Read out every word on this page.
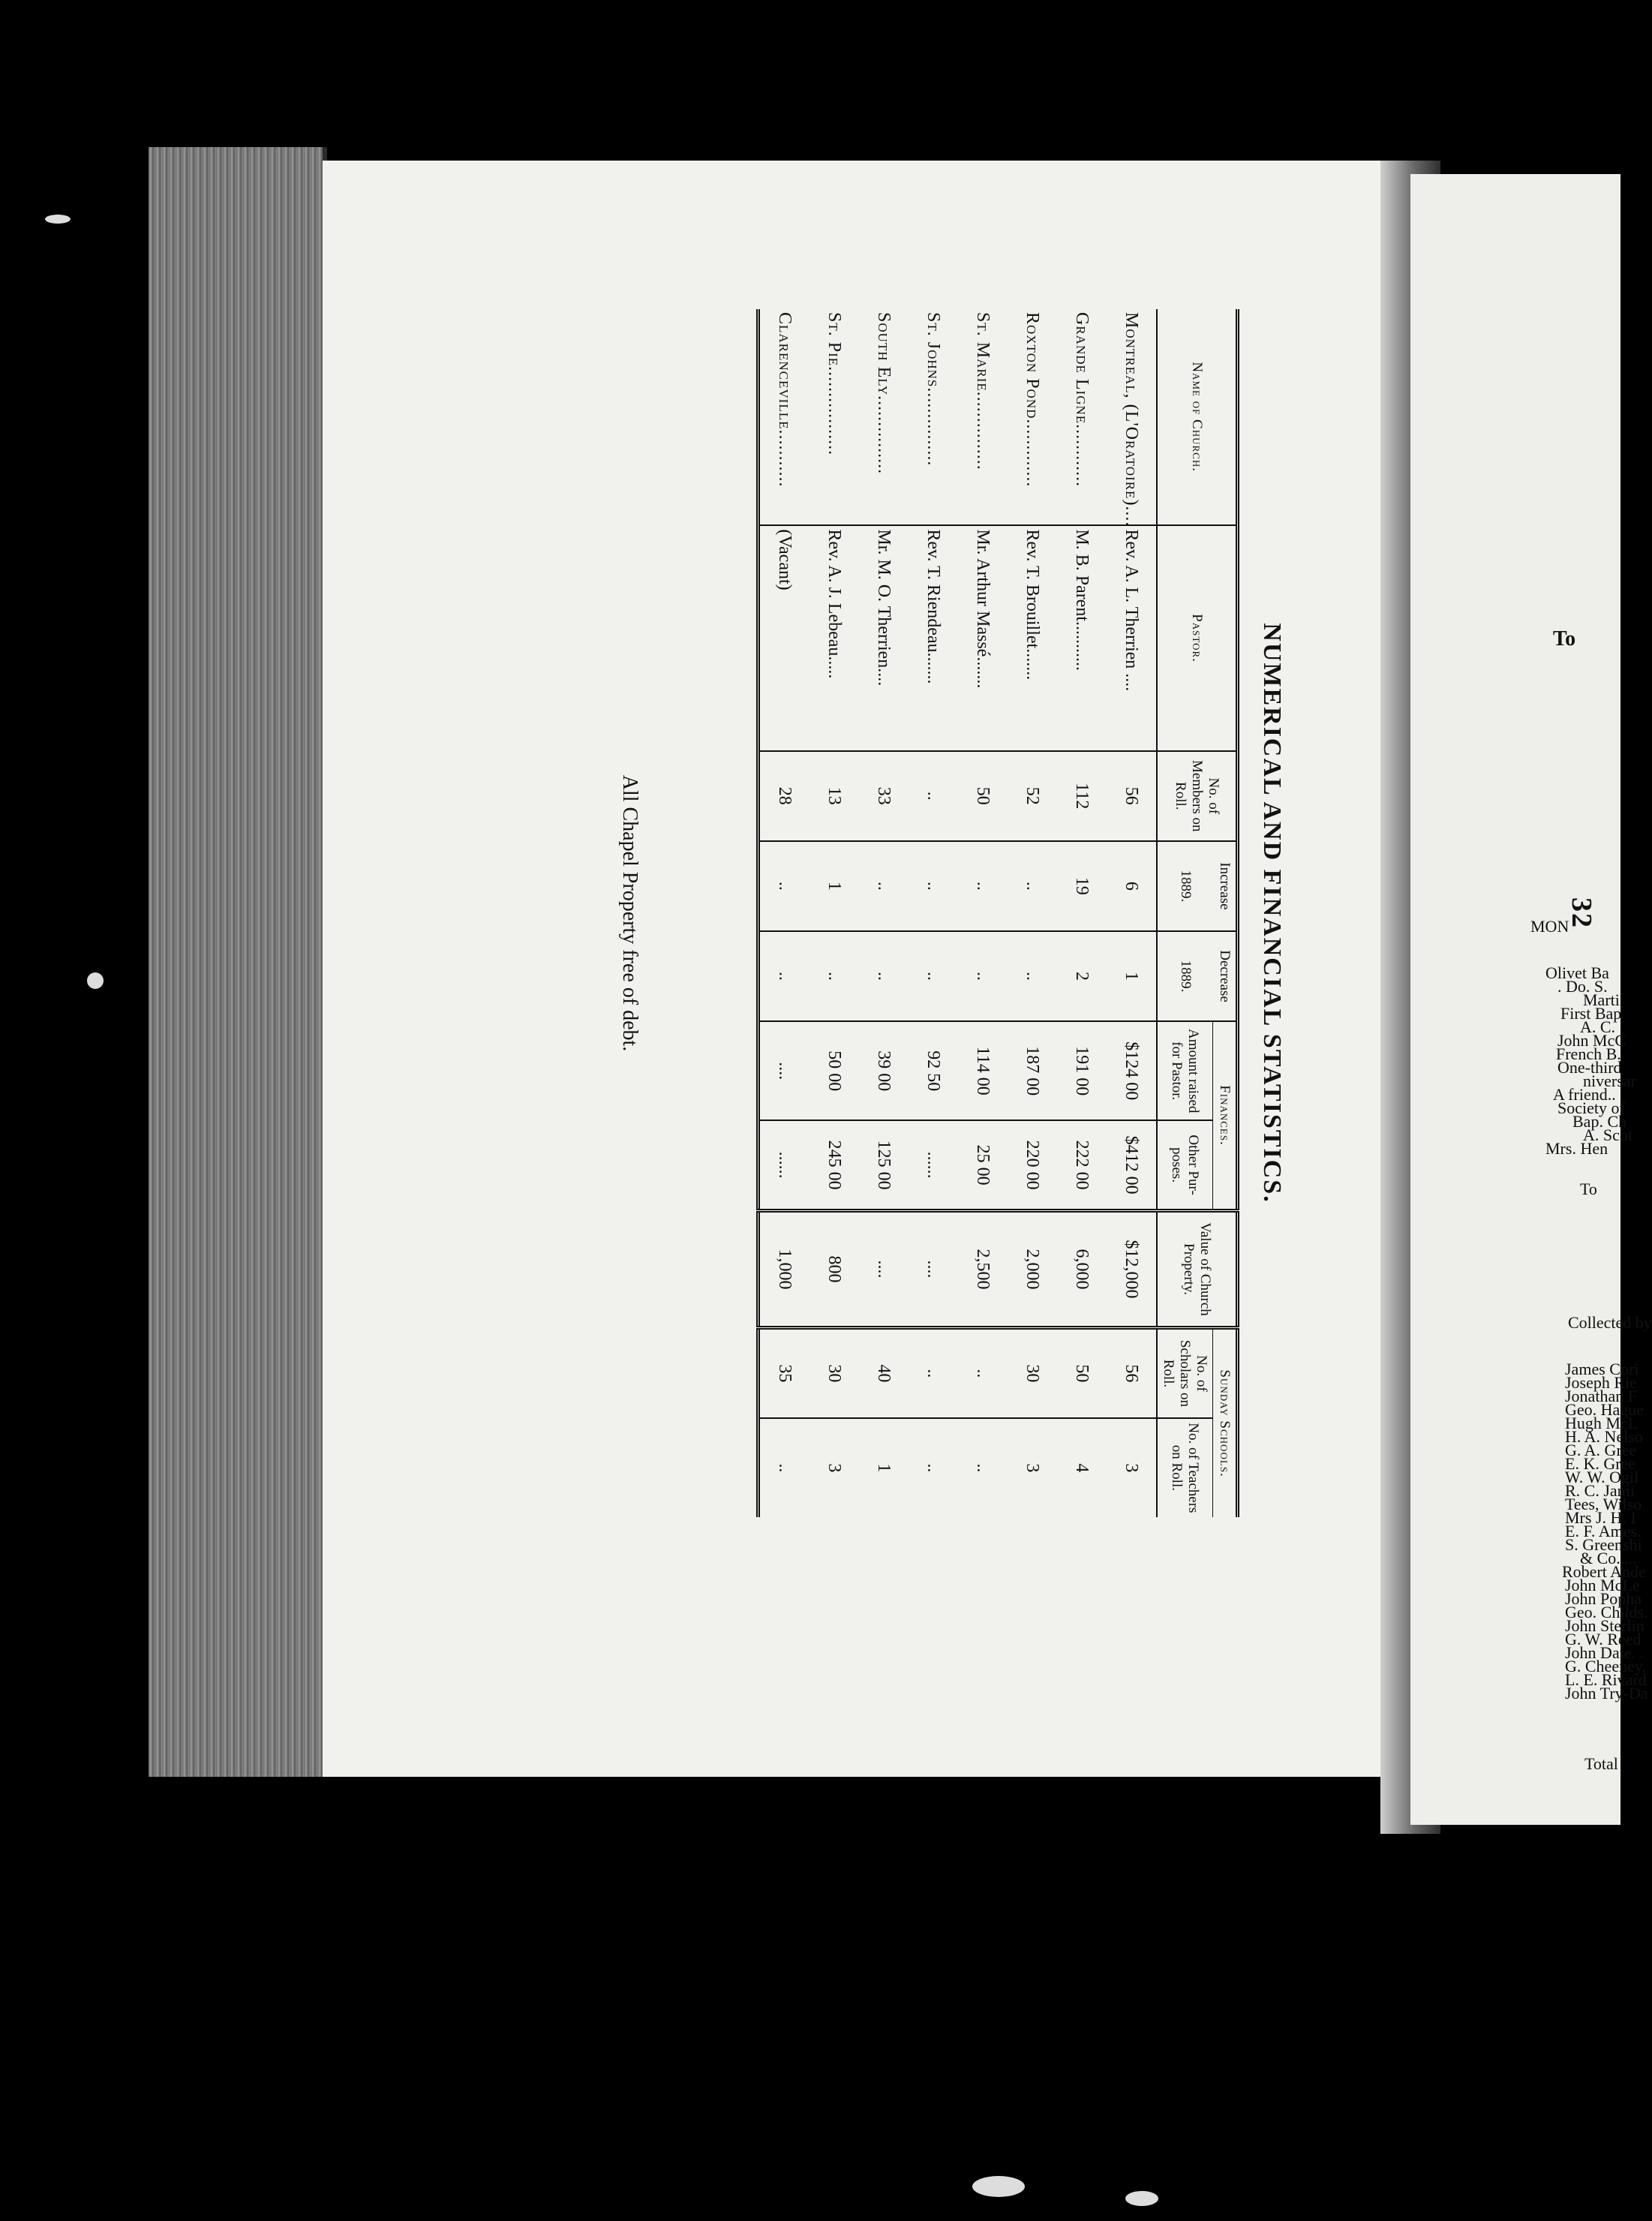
To
MON
Olivet Ba
. Do. S.
Marti
First Bap
A. C.
John McC
French B.
One-third
niversar
A friend..
Society of
Bap. Ch
A. Scot
Mrs. Hen
To
Collected by
James Cori
Joseph Rie
Jonathan F
Geo. Hague
Hugh McL
H. A. Nelso
G. A. Gree
E. K. Gree
W. W. Ogil
R. C. Jami
Tees, Wilso
Mrs J. H. I
E. F. Ames.
S. Greenshi
& Co.....
Robert Ande
John McLe
John Popha
Geo. Childs.
John Sterlin
G. W. Reed
John Date. .
G. Cheeney.
L. E. Rivard
John Try-Da
Total
32
NUMERICAL AND FINANCIAL STATISTICS.
Name of Church.	Pastor.	No. of Members on Roll.	Increase	Decrease	Finances.		Value of Church Property.	Sunday Schools.	
			1889.	1889.	Amount raised for Pastor.	Other Pur- poses.		No. of Scholars on Roll.	No. of Teachers on Roll.
Montreal, (L'Oratoire)....	Rev. A. L. Therrien ....	56	6	1	$124 00	$412 00	$12,000	56	3
Grande Ligne............	M. B. Parent...........	112	19	2	191 00	222 00	6,000	50	4
Roxton Pond.............	Rev. T. Brouillet.......	52	..	..	187 00	220 00	2,000	30	3
St. Marie...............	Mr. Arthur Massé.......	50	..	..	114 00	25 00	2,500	..	..
St. Johns...............	Rev. T. Riendeau.......	..	..	..	92 50	......	....	..	..
South Ely...............	Mr. M. O. Therrien....	33	..	..	39 00	125 00	....	40	1
St. Pie.................	Rev. A. J. Lebeau.....	13	1	..	50 00	245 00	800	30	3
Clarenceville...........	(Vacant)	28	..	..	....	......	1,000	35	..
All Chapel Property free of debt.
